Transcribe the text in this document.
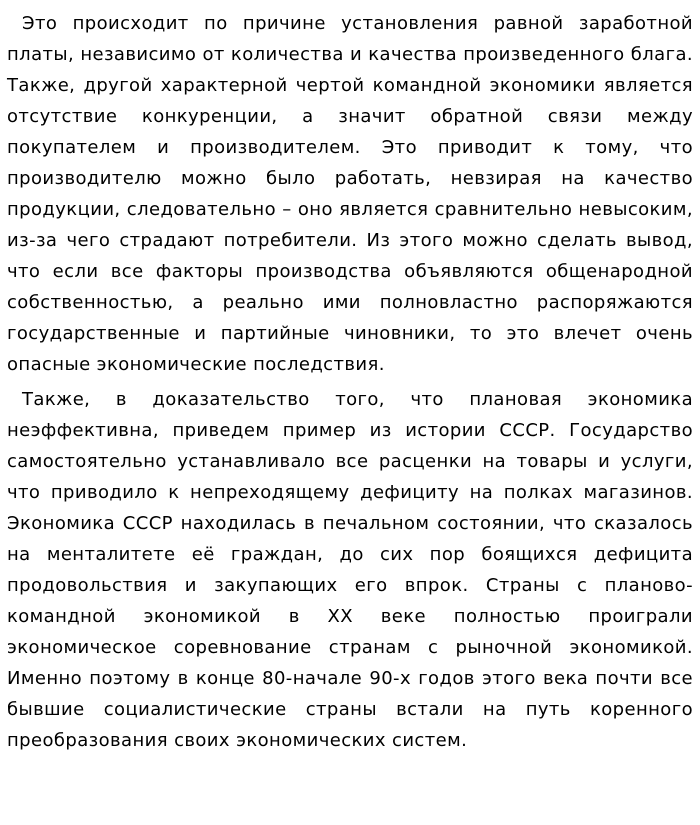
Это происходит по причине установления равной заработной платы, независимо от количества и качества произведенного блага. Также, другой характерной чертой командной экономики является отсутствие конкуренции, а значит обратной связи между покупателем и производителем. Это приводит к тому, что производителю можно было работать, невзирая на качество продукции, следовательно – оно является сравнительно невысоким, из-за чего страдают потребители. Из этого можно сделать вывод, что если все факторы производства объявляются общенародной собственностью, а реально ими полновластно распоряжаются государственные и партийные чиновники, то это влечет очень опасные экономические последствия.

Также, в доказательство того, что плановая экономика неэффективна, приведем пример из истории СССР. Государство самостоятельно устанавливало все расценки на товары и услуги, что приводило к непреходящему дефициту на полках магазинов. Экономика СССР находилась в печальном состоянии, что сказалось на менталитете её граждан, до сих пор боящихся дефицита продовольствия и закупающих его впрок. Страны с планово-командной экономикой в XX веке полностью проиграли экономическое соревнование странам с рыночной экономикой. Именно поэтому в конце 80-начале 90-х годов этого века почти все бывшие социалистические страны встали на путь коренного преобразования своих экономических систем.
